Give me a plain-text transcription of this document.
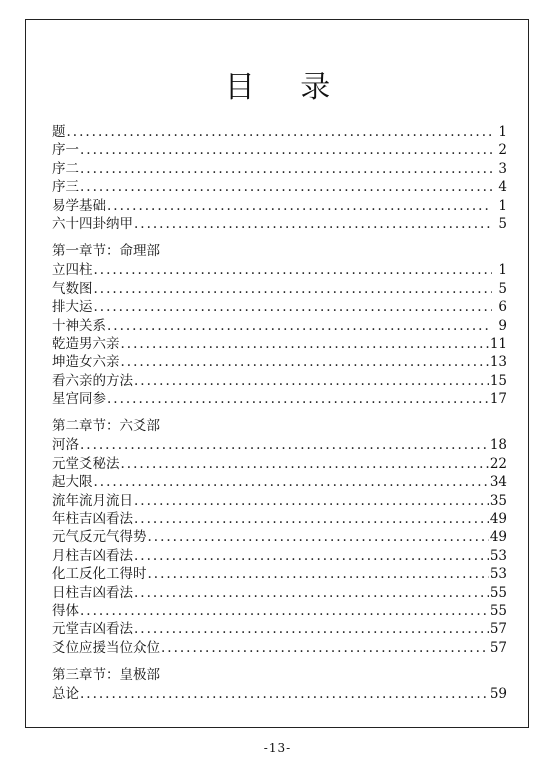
目 录
题 .....	1
序一 .....	2
序二 .....	3
序三 .....	4
易学基础 .....	1
六十四卦纳甲 .....	5
第一章节：命理部
立四柱 .....	1
气数图 .....	5
排大运 .....	6
十神关系 .....	9
乾造男六亲 .....	11
坤造女六亲 .....	13
看六亲的方法 .....	15
星宫同参 .....	17
第二章节：六爻部
河洛 .....	18
元堂爻秘法 .....	22
起大限 .....	34
流年流月流日 .....	35
年柱吉凶看法 .....	49
元气反元气得势 .....	49
月柱吉凶看法 .....	53
化工反化工得时 .....	53
日柱吉凶看法 .....	55
得体 .....	55
元堂吉凶看法 .....	57
爻位应援当位众位 .....	57
第三章节：皇极部
总论 .....	59
-13-
